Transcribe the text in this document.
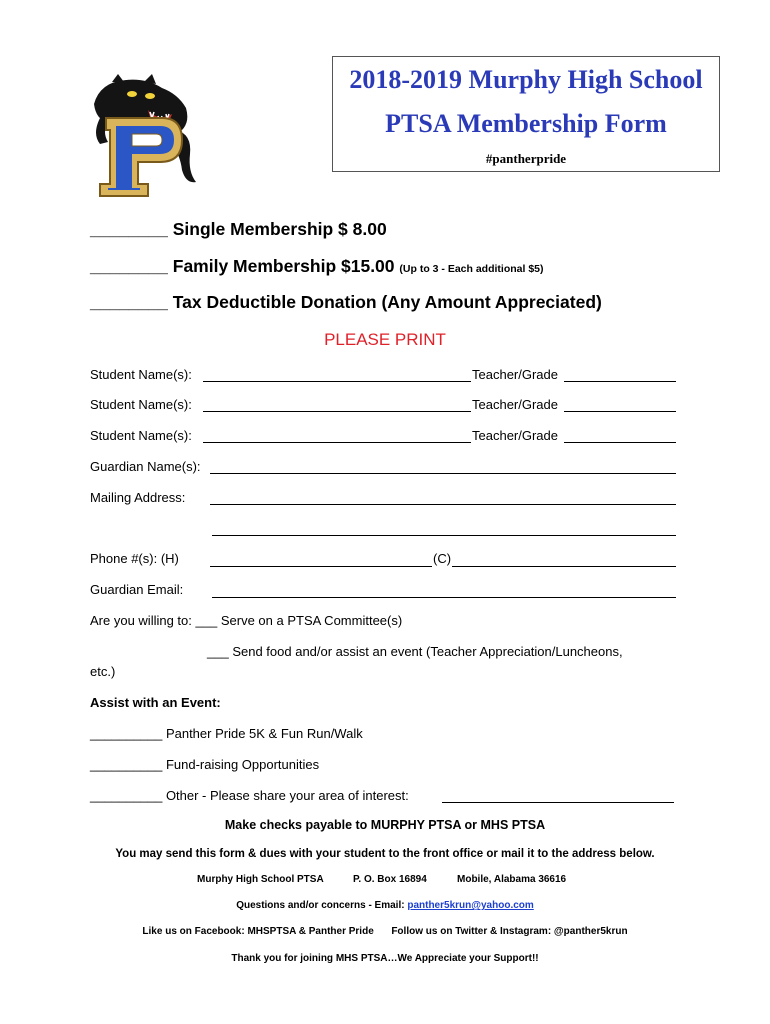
2018-2019 Murphy High School
PTSA Membership Form
#pantherpride
________ Single Membership $ 8.00
________ Family Membership $15.00 (Up to 3 - Each additional $5)
________ Tax Deductible Donation (Any Amount Appreciated)
PLEASE PRINT
Student Name(s):	Teacher/Grade
Student Name(s):	Teacher/Grade
Student Name(s):	Teacher/Grade
Guardian Name(s):
Mailing Address:
Phone #(s): (H)	(C)
Guardian Email:
Are you willing to: ___ Serve on a PTSA Committee(s)
___ Send food and/or assist an event (Teacher Appreciation/Luncheons,
etc.)
Assist with an Event:
__________ Panther Pride 5K & Fun Run/Walk
__________ Fund-raising Opportunities
__________ Other - Please share your area of interest:
Make checks payable to MURPHY PTSA or MHS PTSA
You may send this form & dues with your student to the front office or mail it to the address below.
Murphy High School PTSA	P. O. Box 16894	Mobile, Alabama 36616
Questions and/or concerns - Email: panther5krun@yahoo.com
Like us on Facebook: MHSPTSA & Panther Pride Follow us on Twitter & Instagram: @panther5krun
Thank you for joining MHS PTSA…We Appreciate your Support!!
